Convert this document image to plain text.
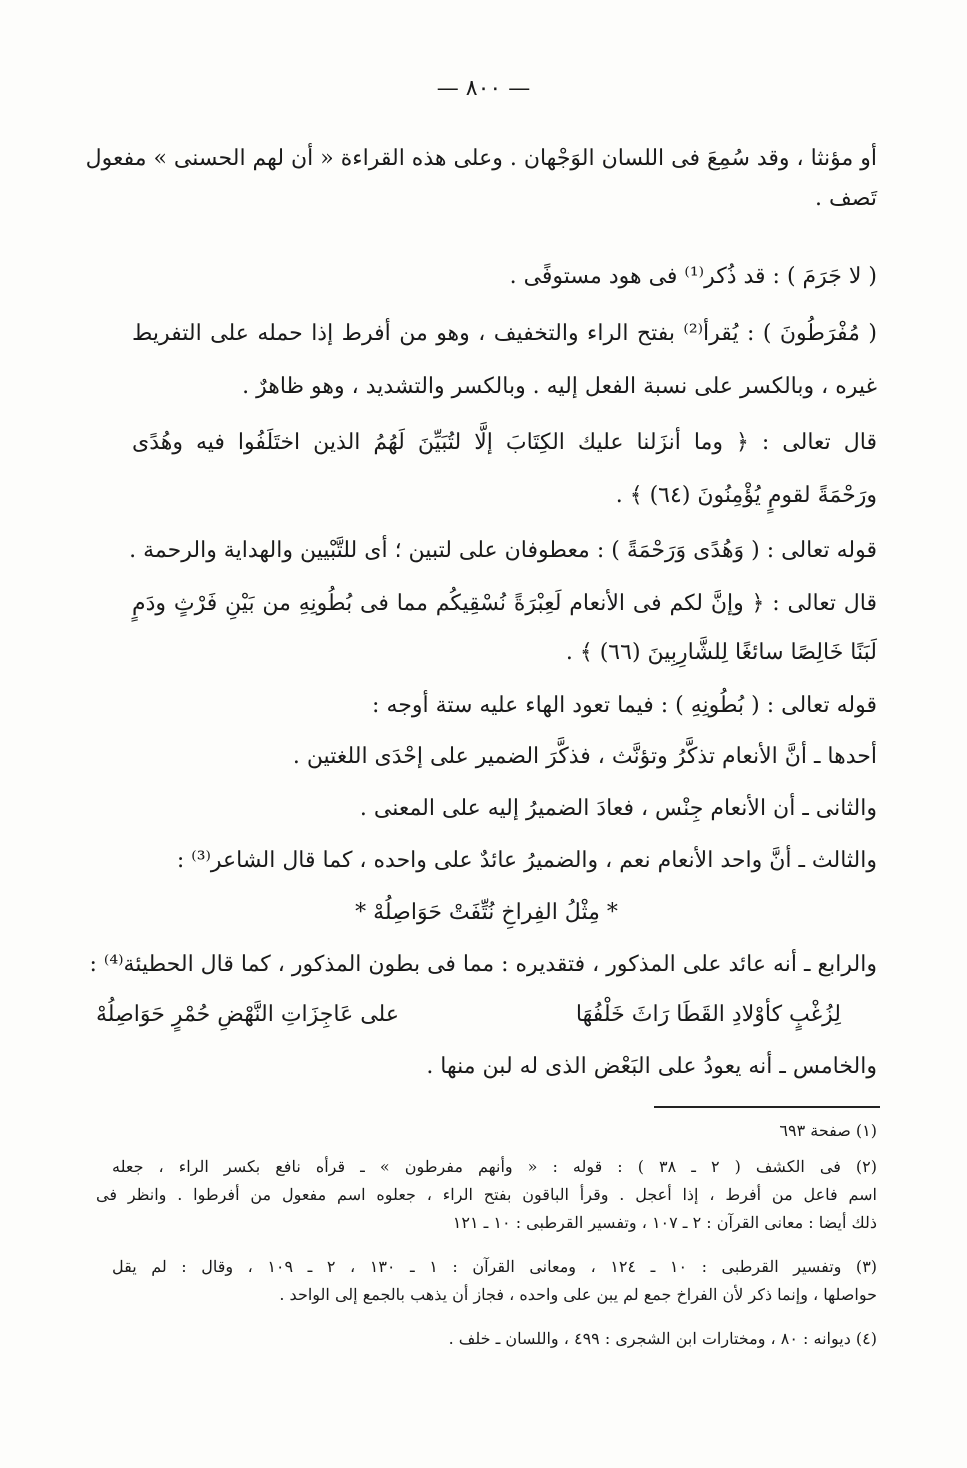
— ٨٠٠ —
أو مؤنثا ، وقد سُمِعَ فى اللسان الوَجْهان . وعلى هذه القراءة « أن لهم الحسنى » مفعول
تَصف .
( لا جَرَمَ ) : قد ذُكر⁽¹⁾ فى هود مستوفًى .
( مُفْرَطُونَ ) : يُقرأ⁽²⁾ بفتح الراء والتخفيف ، وهو من أفرط إذا حمله على التفريط
غيره ، وبالكسر على نسبة الفعل إليه . وبالكسر والتشديد ، وهو ظاهرٌ .
قال تعالى : ﴿ وما أنزَلنا عليك الكِتَابَ إلَّا لتُبَيِّنَ لَهُمُ الذين اختَلَفُوا فيه وهُدًى
ورَحْمَةً لقومٍ يُؤْمِنُونَ (٦٤) ﴾ .
قوله تعالى : ( وَهُدًى وَرَحْمَةً ) : معطوفان على لتبين ؛ أى للتَّبْيين والهداية والرحمة .
قال تعالى : ﴿ وإنَّ لكم فى الأنعام لَعِبْرَةً نُسْقِيكُم مما فى بُطُونِهِ من بَيْنِ فَرْثٍ ودَمٍ
لَبَنًا خَالِصًا سائغًا لِلشَّارِبِينَ (٦٦) ﴾ .
قوله تعالى : ( بُطُونِهِ ) : فيما تعود الهاء عليه ستة أوجه :
أحدها ـ أنَّ الأنعام تذكَّرُ وتؤنَّث ، فذكَّرَ الضمير على إحْدَى اللغتين .
والثانى ـ أن الأنعام جِنْس ، فعادَ الضميرُ إليه على المعنى .
والثالث ـ أنَّ واحد الأنعام نعم ، والضميرُ عائدٌ على واحده ، كما قال الشاعر⁽³⁾ :
* مِثْلُ الفِراخِ نُتِّفَتْ حَوَاصِلُهْ *
والرابع ـ أنه عائد على المذكور ، فتقديره : مما فى بطون المذكور ، كما قال الحطيئة⁽⁴⁾ :
لِزُغْبٍ كأوْلادِ القَطَا رَاثَ خَلْفُهَا
على عَاجِزَاتِ النَّهْضِ حُمْرٍ حَوَاصِلُهْ
والخامس ـ أنه يعودُ على البَعْض الذى له لبن منها .
(١) صفحة ٦٩٣
(٢) فى الكشف ( ٢ ـ ٣٨ ) : قوله : « وأنهم مفرطون » ـ قرأه نافع بكسر الراء ، جعله
اسم فاعل من أفرط ، إذا أعجل . وقرأ الباقون بفتح الراء ، جعلوه اسم مفعول من أفرطوا . وانظر فى
ذلك أيضا : معانى القرآن : ٢ ـ ١٠٧ ، وتفسير القرطبى : ١٠ ـ ١٢١
(٣) وتفسير القرطبى : ١٠ ـ ١٢٤ ، ومعانى القرآن : ١ ـ ١٣٠ ، ٢ ـ ١٠٩ ، وقال : لم يقل
حواصلها ، وإنما ذكر لأن الفراخ جمع لم يبن على واحده ، فجاز أن يذهب بالجمع إلى الواحد .
(٤) ديوانه : ٨٠ ، ومختارات ابن الشجرى : ٤٩٩ ، واللسان ـ خلف .
